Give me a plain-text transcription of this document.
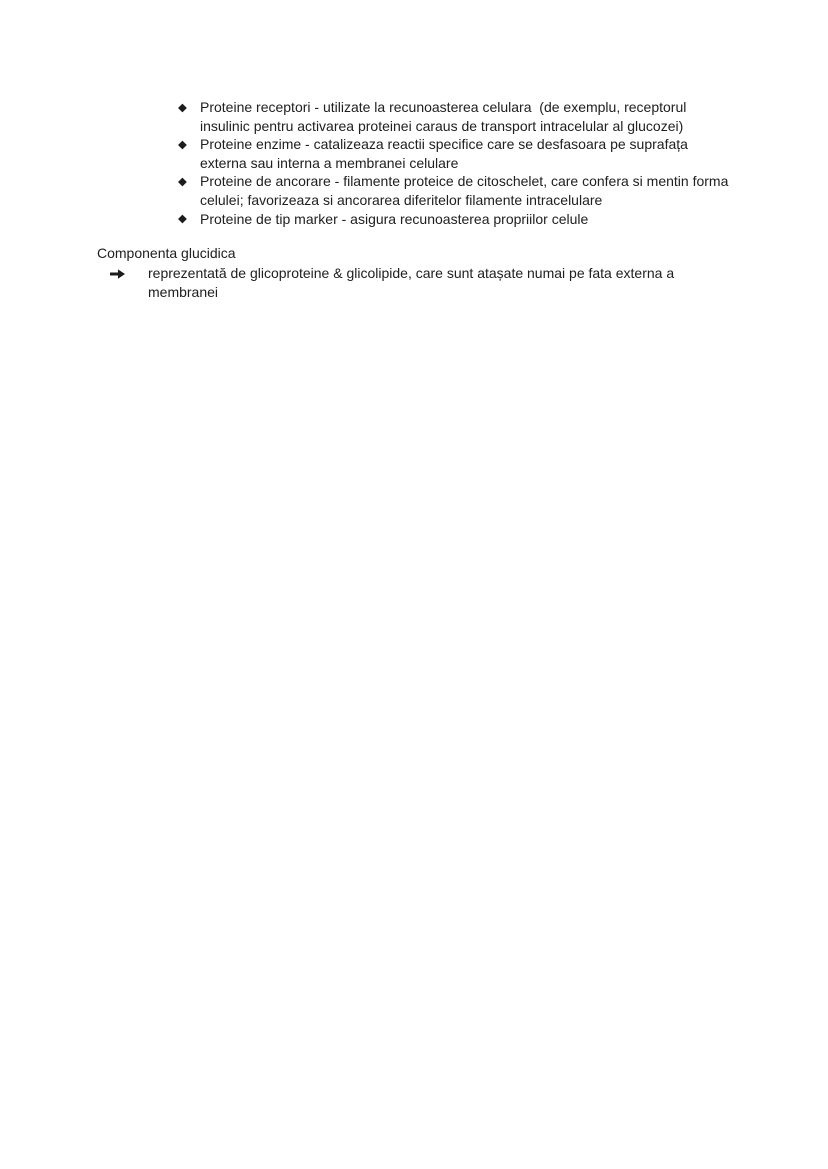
◆ Proteine receptori - utilizate la recunoasterea celulara  (de exemplu, receptorul
insulinic pentru activarea proteinei caraus de transport intracelular al glucozei)
◆ Proteine enzime - catalizeaza reactii specifice care se desfasoara pe suprafața
externa sau interna a membranei celulare
◆ Proteine de ancorare - filamente proteice de citoschelet, care confera si mentin forma
celulei; favorizeaza si ancorarea diferitelor filamente intracelulare
◆ Proteine de tip marker - asigura recunoasterea propriilor celule
Componenta glucidica
reprezentată de glicoproteine & glicolipide, care sunt atașate numai pe fata externa a
membranei
